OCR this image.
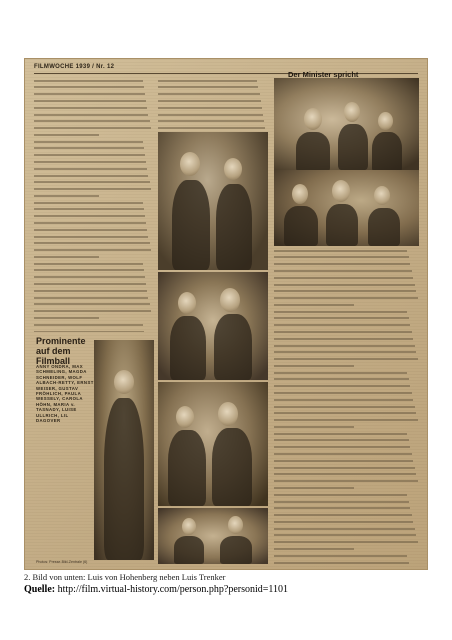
FILMWOCHE 1939 / Nr. 12
Der Minister spricht
Prominente auf dem Filmball
ANNY ONDRA, MAX SCHMELING, MAGDA SCHNEIDER, WOLF ALBACH-RETTY, ERNST WEISER, GUSTAV FRÖHLICH, PAULA WESSELY, CAROLA HÖHN, MARIA v. TASNADY, LUISE ULLRICH, LIL DAGOVER
Photos: Presse-Bild-Zentrale (6)
2. Bild von unten: Luis von Hohenberg neben Luis Trenker
Quelle: http://film.virtual-history.com/person.php?personid=1101
